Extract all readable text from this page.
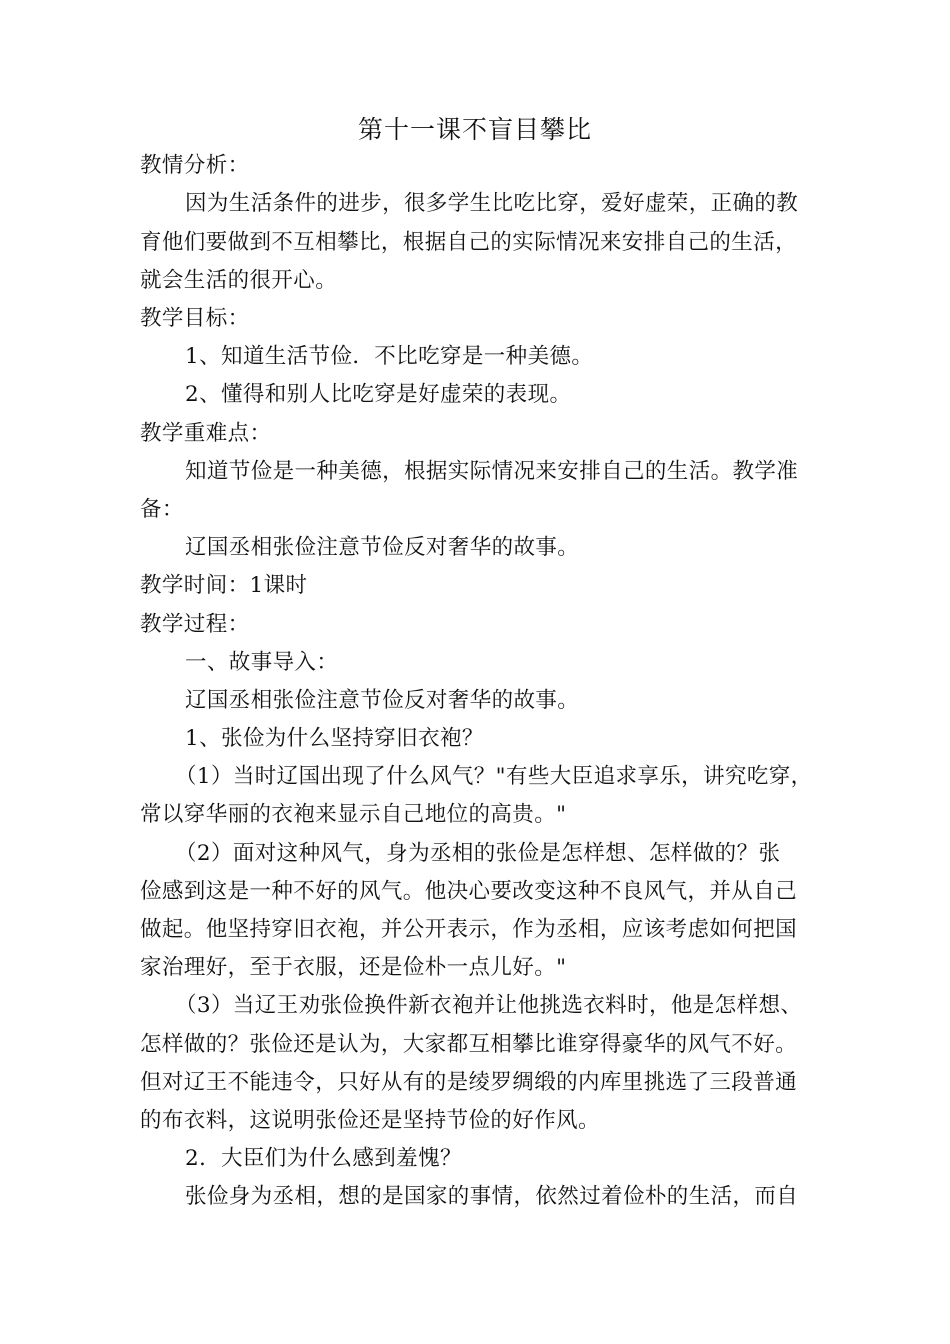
第十一课不盲目攀比
教情分析：
因为生活条件的进步，很多学生比吃比穿，爱好虚荣，正确的教
育他们要做到不互相攀比，根据自己的实际情况来安排自己的生活，
就会生活的很开心。
教学目标：
1、知道生活节俭．不比吃穿是一种美德。
2、懂得和别人比吃穿是好虚荣的表现。
教学重难点：
知道节俭是一种美德，根据实际情况来安排自己的生活。教学准
备：
辽国丞相张俭注意节俭反对奢华的故事。
教学时间：1课时
教学过程：
一、故事导入：
辽国丞相张俭注意节俭反对奢华的故事。
1、张俭为什么坚持穿旧衣袍？
（1）当时辽国出现了什么风气？"有些大臣追求享乐，讲究吃穿，
常以穿华丽的衣袍来显示自己地位的高贵。"
（2）面对这种风气，身为丞相的张俭是怎样想、怎样做的？张
俭感到这是一种不好的风气。他决心要改变这种不良风气，并从自己
做起。他坚持穿旧衣袍，并公开表示，作为丞相，应该考虑如何把国
家治理好，至于衣服，还是俭朴一点儿好。"
（3）当辽王劝张俭换件新衣袍并让他挑选衣料时，他是怎样想、
怎样做的？张俭还是认为，大家都互相攀比谁穿得豪华的风气不好。
但对辽王不能违令，只好从有的是绫罗绸缎的内库里挑选了三段普通
的布衣料，这说明张俭还是坚持节俭的好作风。
2．大臣们为什么感到羞愧？
张俭身为丞相，想的是国家的事情，依然过着俭朴的生活，而自
